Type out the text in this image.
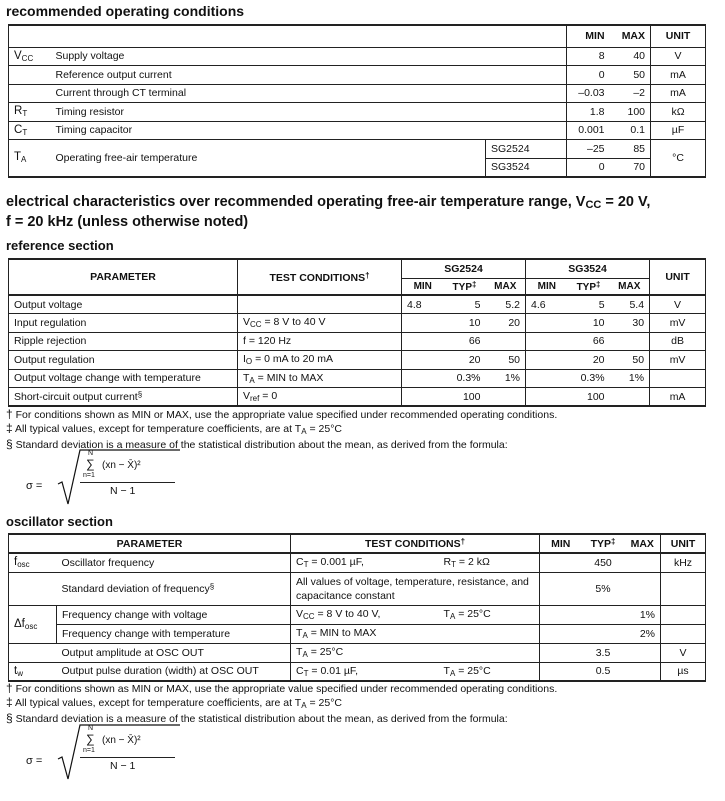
recommended operating conditions
			MIN	MAX	UNIT
$V_{CC}$	Supply voltage		8	40	V
	Reference output current		0	50	mA
	Current through CT terminal		–0.03	–2	mA
$R_T$	Timing resistor		1.8	100	kΩ
$C_T$	Timing capacitor		0.001	0.1	µF
$T_A$	Operating free-air temperature	SG2524	–25	85	°C
		SG3524	0	70	
electrical characteristics over recommended operating free-air temperature range, $V_{CC} = 20$ V,
f = 20 kHz (unless otherwise noted)
reference section
PARAMETER	TEST CONDITIONS†	SG2524			SG3524			UNIT
		MIN	TYP‡	MAX	MIN	TYP‡	MAX	
Output voltage		4.8	5	5.2	4.6	5	5.4	V
Input regulation	$V_{CC} = 8$ V to 40 V		10	20		10	30	mV
Ripple rejection	f = 120 Hz		66			66		dB
Output regulation	$I_O = 0$ mA to 20 mA		20	50		20	50	mV
Output voltage change with temperature	$T_A$ = MIN to MAX		0.3%	1%		0.3%	1%	
Short-circuit output current§	$V_{ref} = 0$		100			100		mA
† For conditions shown as MIN or MAX, use the appropriate value specified under recommended operating conditions.
‡ All typical values, except for temperature coefficients, are at $T_A = 25^\circ C$
§ Standard deviation is a measure of the statistical distribution about the mean, as derived from the formula:
σ =
N
∑ (xn − X̄)²
n=1
N − 1
oscillator section
PARAMETER		TEST CONDITIONS†		MIN	TYP‡	MAX	UNIT
$f_{osc}$	Oscillator frequency	$C_T = 0.001$ µF,	$R_T = 2$ kΩ		450		kHz
	Standard deviation of frequency§	All values of voltage, temperature, resistance, and capacitance constant			5%		
$\Delta f_{osc}$	Frequency change with voltage	$V_{CC} = 8$ V to 40 V,	$T_A = 25^\circ C$			1%	
	Frequency change with temperature	$T_A$ = MIN to MAX				2%	
	Output amplitude at OSC OUT	$T_A = 25^\circ C$			3.5		V
$t_w$	Output pulse duration (width) at OSC OUT	$C_T = 0.01$ µF,	$T_A = 25^\circ C$		0.5		µs
† For conditions shown as MIN or MAX, use the appropriate value specified under recommended operating conditions.
‡ All typical values, except for temperature coefficients, are at $T_A = 25^\circ C$
§ Standard deviation is a measure of the statistical distribution about the mean, as derived from the formula:
σ =
N
∑ (xn − X̄)²
n=1
N − 1
